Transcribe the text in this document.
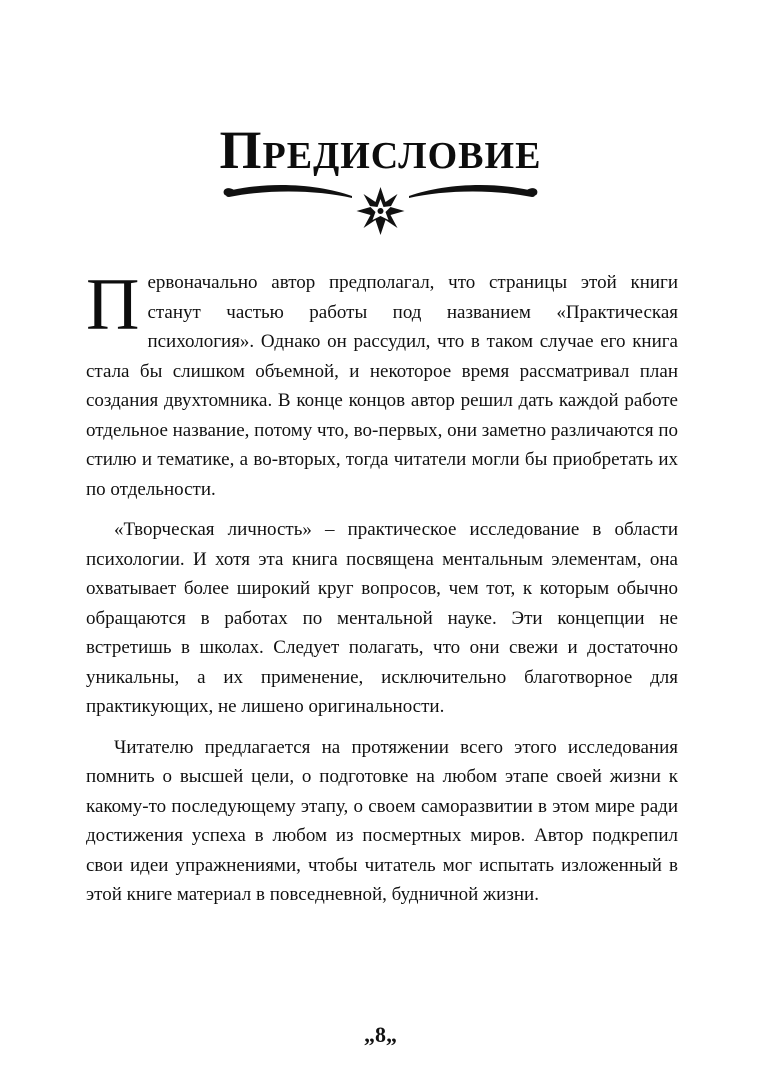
Предисловие

Первоначально автор предполагал, что страницы этой книги станут частью работы под названием «Практическая психология». Однако он рассудил, что в таком случае его книга стала бы слишком объемной, и некоторое время рассматривал план создания двухтомника. В конце концов автор решил дать каждой работе отдельное название, потому что, во-первых, они заметно различаются по стилю и тематике, а во-вторых, тогда читатели могли бы приобретать их по отдельности.

«Творческая личность» – практическое исследование в области психологии. И хотя эта книга посвящена ментальным элементам, она охватывает более широкий круг вопросов, чем тот, к которым обычно обращаются в работах по ментальной науке. Эти концепции не встретишь в школах. Следует полагать, что они свежи и достаточно уникальны, а их применение, исключительно благотворное для практикующих, не лишено оригинальности.

Читателю предлагается на протяжении всего этого исследования помнить о высшей цели, о подготовке на любом этапе своей жизни к какому-то последующему этапу, о своем саморазвитии в этом мире ради достижения успеха в любом из посмертных миров. Автор подкрепил свои идеи упражнениями, чтобы читатель мог испытать изложенный в этой книге материал в повседневной, будничной жизни.

„8„
